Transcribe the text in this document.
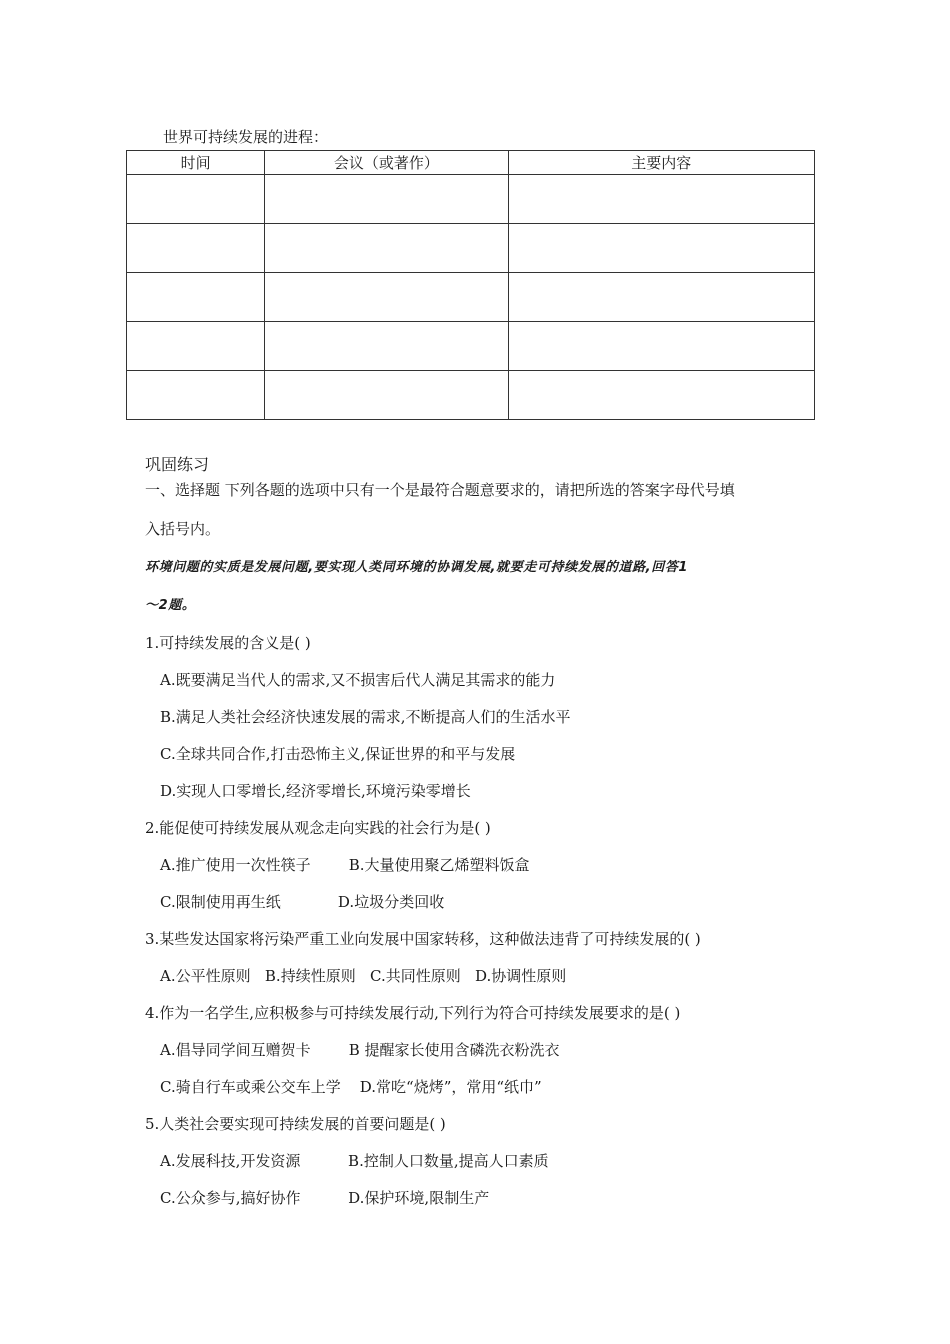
世界可持续发展的进程：
时间	会议（或著作）	主要内容

巩固练习
一、选择题 下列各题的选项中只有一个是最符合题意要求的，请把所选的答案字母代号填
入括号内。
环境问题的实质是发展问题,要实现人类同环境的协调发展,就要走可持续发展的道路,回答1
～2题。
1.可持续发展的含义是( )
A.既要满足当代人的需求,又不损害后代人满足其需求的能力
B.满足人类社会经济快速发展的需求,不断提高人们的生活水平
C.全球共同合作,打击恐怖主义,保证世界的和平与发展
D.实现人口零增长,经济零增长,环境污染零增长
2.能促使可持续发展从观念走向实践的社会行为是( )
A.推广使用一次性筷子        B.大量使用聚乙烯塑料饭盒
C.限制使用再生纸            D.垃圾分类回收
3.某些发达国家将污染严重工业向发展中国家转移，这种做法违背了可持续发展的( )
A.公平性原则   B.持续性原则   C.共同性原则   D.协调性原则
4.作为一名学生,应积极参与可持续发展行动,下列行为符合可持续发展要求的是( )
A.倡导同学间互赠贺卡        B 提醒家长使用含磷洗衣粉洗衣
C.骑自行车或乘公交车上学    D.常吃“烧烤”，常用“纸巾”
5.人类社会要实现可持续发展的首要问题是( )
A.发展科技,开发资源          B.控制人口数量,提高人口素质
C.公众参与,搞好协作          D.保护环境,限制生产
